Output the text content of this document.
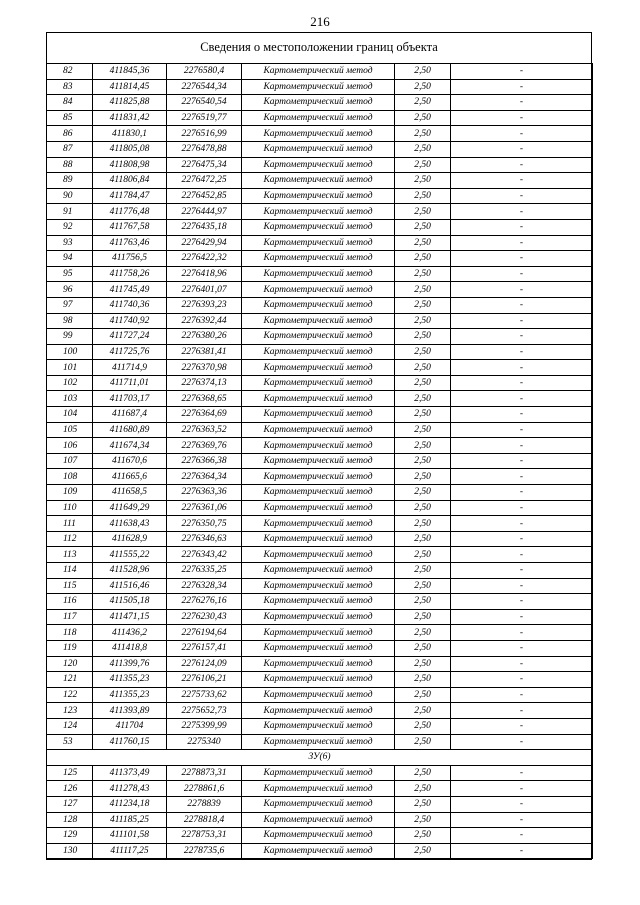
216
Сведения о местоположении границ объекта
82	411845,36	2276580,4	Картометрический метод	2,50	-
83	411814,45	2276544,34	Картометрический метод	2,50	-
84	411825,88	2276540,54	Картометрический метод	2,50	-
85	411831,42	2276519,77	Картометрический метод	2,50	-
86	411830,1	2276516,99	Картометрический метод	2,50	-
87	411805,08	2276478,88	Картометрический метод	2,50	-
88	411808,98	2276475,34	Картометрический метод	2,50	-
89	411806,84	2276472,25	Картометрический метод	2,50	-
90	411784,47	2276452,85	Картометрический метод	2,50	-
91	411776,48	2276444,97	Картометрический метод	2,50	-
92	411767,58	2276435,18	Картометрический метод	2,50	-
93	411763,46	2276429,94	Картометрический метод	2,50	-
94	411756,5	2276422,32	Картометрический метод	2,50	-
95	411758,26	2276418,96	Картометрический метод	2,50	-
96	411745,49	2276401,07	Картометрический метод	2,50	-
97	411740,36	2276393,23	Картометрический метод	2,50	-
98	411740,92	2276392,44	Картометрический метод	2,50	-
99	411727,24	2276380,26	Картометрический метод	2,50	-
100	411725,76	2276381,41	Картометрический метод	2,50	-
101	411714,9	2276370,98	Картометрический метод	2,50	-
102	411711,01	2276374,13	Картометрический метод	2,50	-
103	411703,17	2276368,65	Картометрический метод	2,50	-
104	411687,4	2276364,69	Картометрический метод	2,50	-
105	411680,89	2276363,52	Картометрический метод	2,50	-
106	411674,34	2276369,76	Картометрический метод	2,50	-
107	411670,6	2276366,38	Картометрический метод	2,50	-
108	411665,6	2276364,34	Картометрический метод	2,50	-
109	411658,5	2276363,36	Картометрический метод	2,50	-
110	411649,29	2276361,06	Картометрический метод	2,50	-
111	411638,43	2276350,75	Картометрический метод	2,50	-
112	411628,9	2276346,63	Картометрический метод	2,50	-
113	411555,22	2276343,42	Картометрический метод	2,50	-
114	411528,96	2276335,25	Картометрический метод	2,50	-
115	411516,46	2276328,34	Картометрический метод	2,50	-
116	411505,18	2276276,16	Картометрический метод	2,50	-
117	411471,15	2276230,43	Картометрический метод	2,50	-
118	411436,2	2276194,64	Картометрический метод	2,50	-
119	411418,8	2276157,41	Картометрический метод	2,50	-
120	411399,76	2276124,09	Картометрический метод	2,50	-
121	411355,23	2276106,21	Картометрический метод	2,50	-
122	411355,23	2275733,62	Картометрический метод	2,50	-
123	411393,89	2275652,73	Картометрический метод	2,50	-
124	411704	2275399,99	Картометрический метод	2,50	-
53	411760,15	2275340	Картометрический метод	2,50	-
ЗУ(6)					
125	411373,49	2278873,31	Картометрический метод	2,50	-
126	411278,43	2278861,6	Картометрический метод	2,50	-
127	411234,18	2278839	Картометрический метод	2,50	-
128	411185,25	2278818,4	Картометрический метод	2,50	-
129	411101,58	2278753,31	Картометрический метод	2,50	-
130	411117,25	2278735,6	Картометрический метод	2,50	-
